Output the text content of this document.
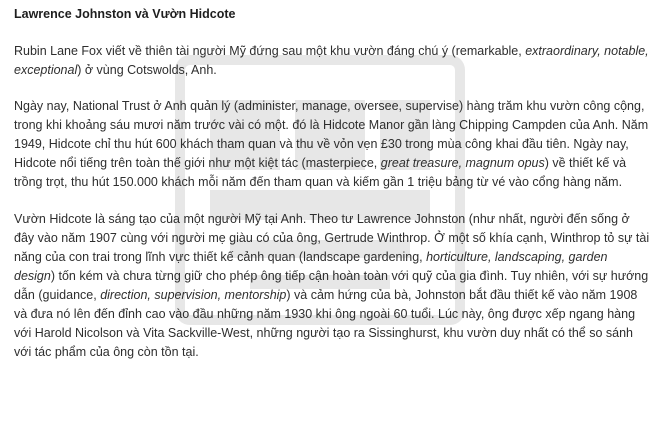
Lawrence Johnston và Vườn Hidcote

Rubin Lane Fox viết về thiên tài người Mỹ đứng sau một khu vườn đáng chú ý (remarkable, extraordinary, notable, exceptional) ở vùng Cotswolds, Anh.

Ngày nay, National Trust ở Anh quản lý (administer, manage, oversee, supervise) hàng trăm khu vườn công cộng, trong khi khoảng sáu mươi năm trước vài có một. đó là Hidcote Manor gần làng Chipping Campden của Anh. Năm 1949, Hidcote chỉ thu hút 600 khách tham quan và thu về vỏn vẹn £30 trong mùa công khai đầu tiên. Ngày nay, Hidcote nổi tiếng trên toàn thế giới như một kiệt tác (masterpiece, great treasure, magnum opus) về thiết kế và trồng trọt, thu hút 150.000 khách mỗi năm đến tham quan và kiếm gần 1 triệu bảng từ vé vào cổng hàng năm.

Vườn Hidcote là sáng tạo của một người Mỹ tại Anh. Theo tư Lawrence Johnston (như nhất, người đến sống ở đây vào năm 1907 cùng với người mẹ giàu có của ông, Gertrude Winthrop. Ở một số khía cạnh, Winthrop tỏ sự tài năng của con trai trong lĩnh vực thiết kế cảnh quan (landscape gardening, horticulture, landscaping, garden design) tốn kém và chưa từng giữ cho phép ông tiếp cận hoàn toàn với quỹ của gia đình. Tuy nhiên, với sự hướng dẫn (guidance, direction, supervision, mentorship) và cảm hứng của bà, Johnston bắt đầu thiết kế vào năm 1908 và đưa nó lên đến đỉnh cao vào đầu những năm 1930 khi ông ngoài 60 tuổi. Lúc này, ông được xếp ngang hàng với Harold Nicolson và Vita Sackville-West, những người tạo ra Sissinghurst, khu vườn duy nhất có thể so sánh với tác phẩm của ông còn tồn tại.
